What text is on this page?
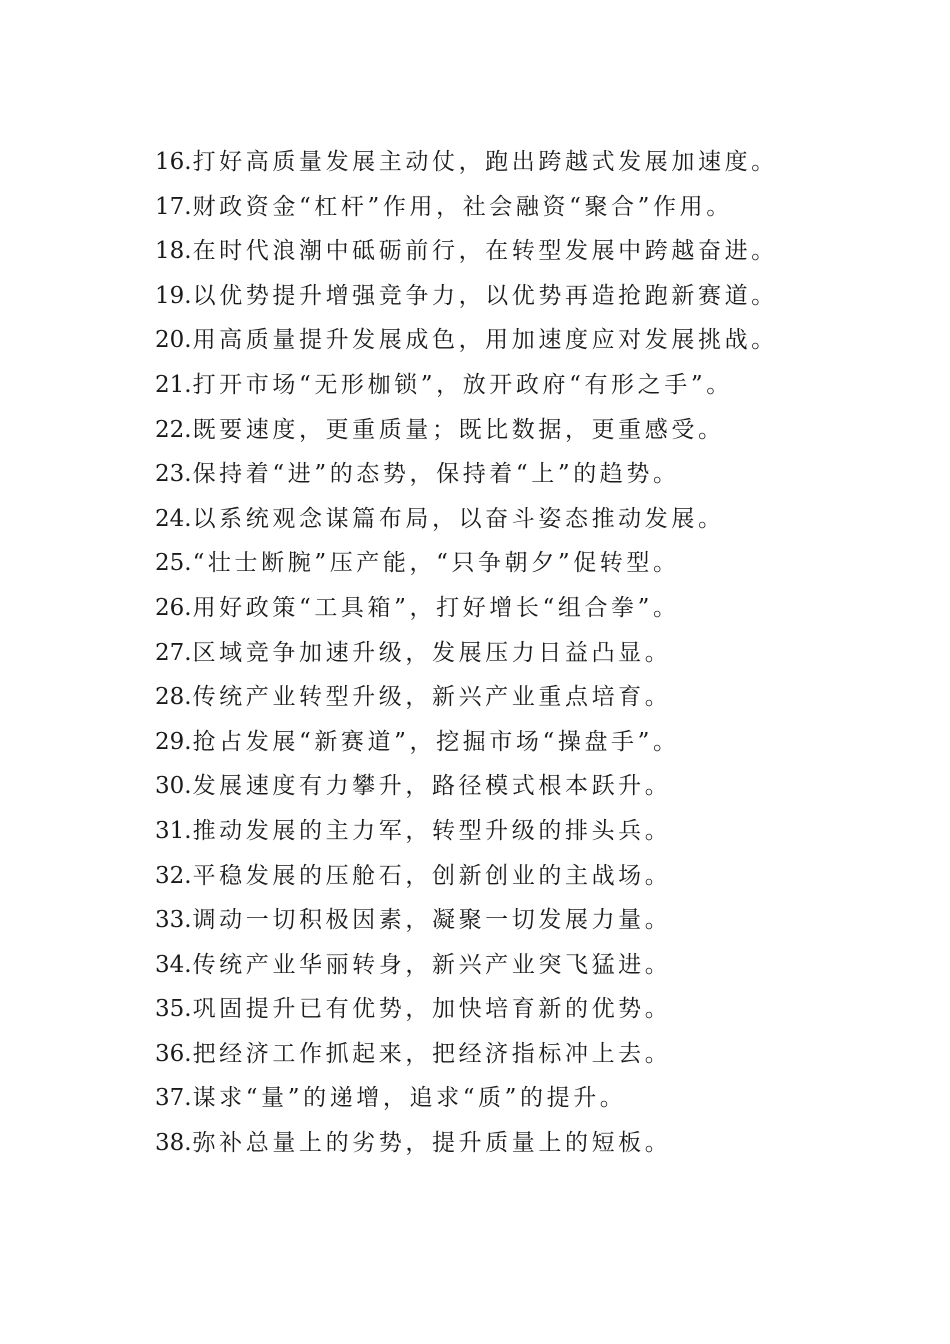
16.打好高质量发展主动仗，跑出跨越式发展加速度。
17.财政资金“杠杆”作用，社会融资“聚合”作用。
18.在时代浪潮中砥砺前行，在转型发展中跨越奋进。
19.以优势提升增强竞争力，以优势再造抢跑新赛道。
20.用高质量提升发展成色，用加速度应对发展挑战。
21.打开市场“无形枷锁”，放开政府“有形之手”。
22.既要速度，更重质量；既比数据，更重感受。
23.保持着“进”的态势，保持着“上”的趋势。
24.以系统观念谋篇布局，以奋斗姿态推动发展。
25.“壮士断腕”压产能，“只争朝夕”促转型。
26.用好政策“工具箱”，打好增长“组合拳”。
27.区域竞争加速升级，发展压力日益凸显。
28.传统产业转型升级，新兴产业重点培育。
29.抢占发展“新赛道”，挖掘市场“操盘手”。
30.发展速度有力攀升，路径模式根本跃升。
31.推动发展的主力军，转型升级的排头兵。
32.平稳发展的压舱石，创新创业的主战场。
33.调动一切积极因素，凝聚一切发展力量。
34.传统产业华丽转身，新兴产业突飞猛进。
35.巩固提升已有优势，加快培育新的优势。
36.把经济工作抓起来，把经济指标冲上去。
37.谋求“量”的递增，追求“质”的提升。
38.弥补总量上的劣势，提升质量上的短板。
